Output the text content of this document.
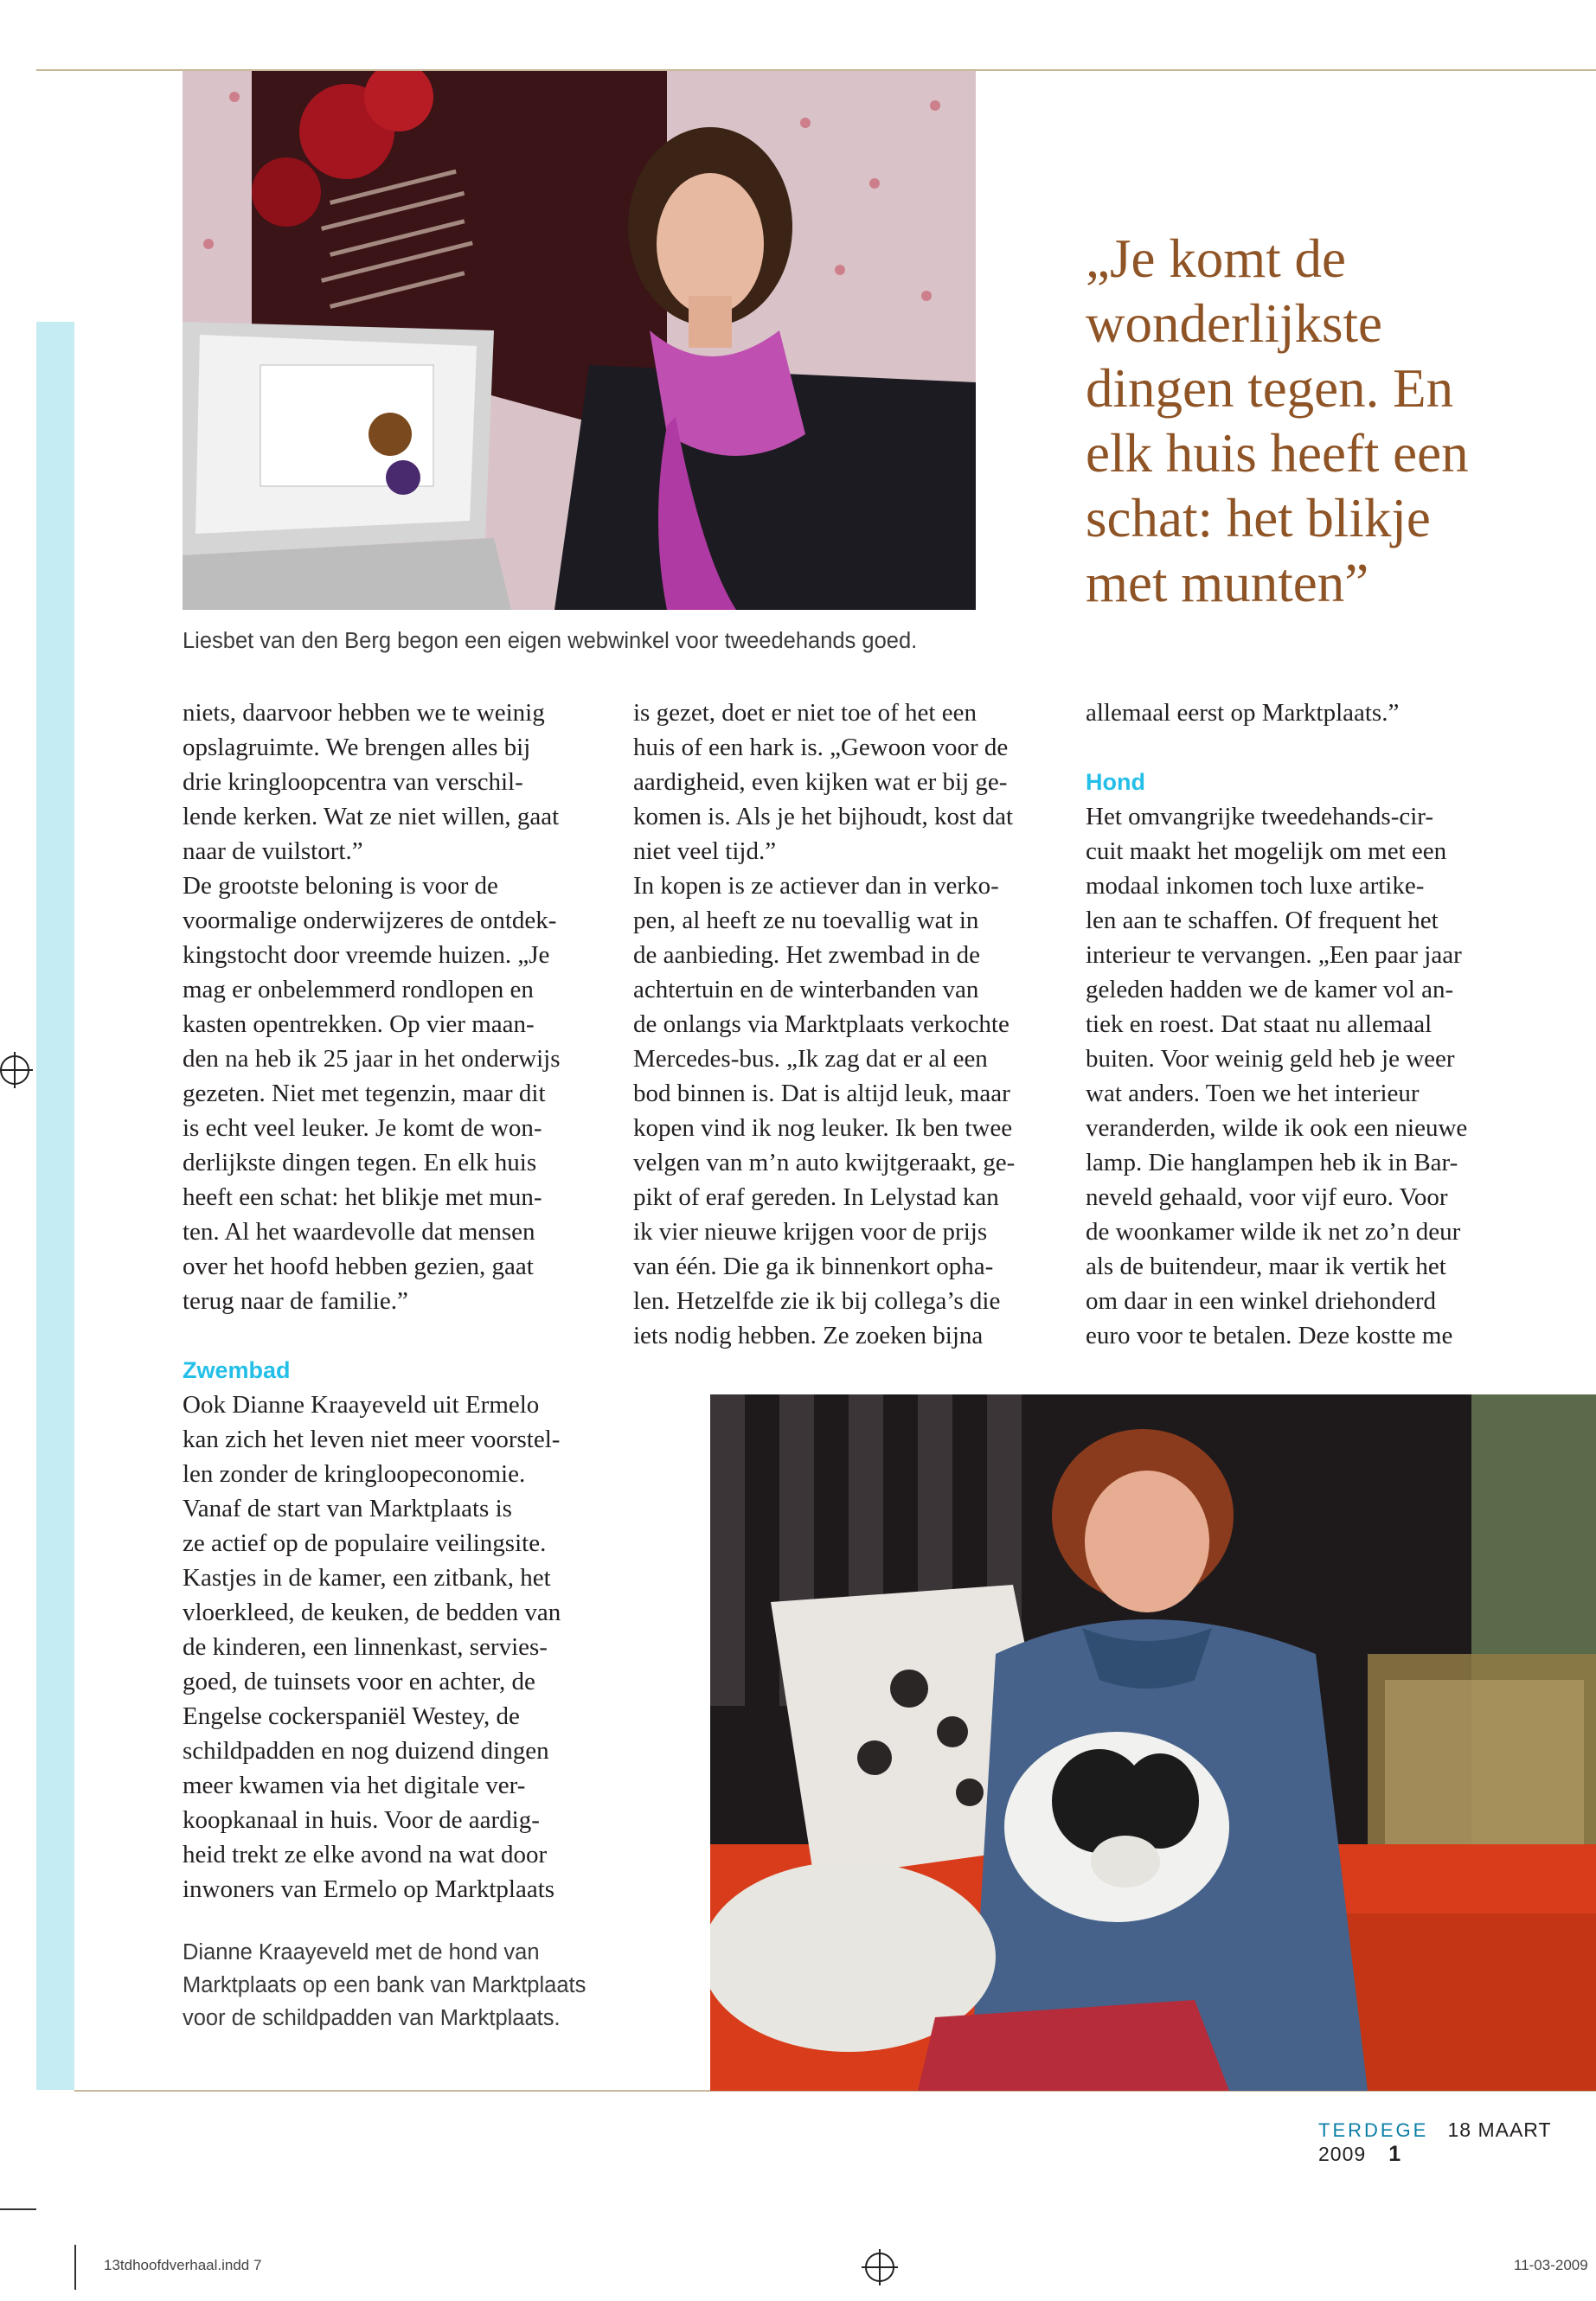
Liesbet van den Berg begon een eigen webwinkel voor tweedehands goed.
„Je komt de
wonderlijkste
dingen tegen. En
elk huis heeft een
schat: het blikje
met munten”

niets, daarvoor hebben we te weinig

opslagruimte. We brengen alles bij

drie kringloopcentra van verschil-

lende kerken. Wat ze niet willen, gaat

naar de vuilstort.”

De grootste beloning is voor de

voormalige onderwijzeres de ontdek-

kingstocht door vreemde huizen. „Je

mag er onbelemmerd rondlopen en

kasten opentrekken. Op vier maan-

den na heb ik 25 jaar in het onderwijs

gezeten. Niet met tegenzin, maar dit

is echt veel leuker. Je komt de won-

derlijkste dingen tegen. En elk huis

heeft een schat: het blikje met mun-

ten. Al het waardevolle dat mensen

over het hoofd hebben gezien, gaat

terug naar de familie.”

Zwembad

Ook Dianne Kraayeveld uit Ermelo

kan zich het leven niet meer voorstel-

len zonder de kringloopeconomie.

Vanaf de start van Marktplaats is

ze actief op de populaire veilingsite.

Kastjes in de kamer, een zitbank, het

vloerkleed, de keuken, de bedden van

de kinderen, een linnenkast, servies-

goed, de tuinsets voor en achter, de

Engelse cockerspaniël Westey, de

schildpadden en nog duizend dingen

meer kwamen via het digitale ver-

koopkanaal in huis. Voor de aardig-

heid trekt ze elke avond na wat door

inwoners van Ermelo op Marktplaats

is gezet, doet er niet toe of het een

huis of een hark is. „Gewoon voor de

aardigheid, even kijken wat er bij ge-

komen is. Als je het bijhoudt, kost dat

niet veel tijd.”

In kopen is ze actiever dan in verko-

pen, al heeft ze nu toevallig wat in

de aanbieding. Het zwembad in de

achtertuin en de winterbanden van

de onlangs via Marktplaats verkochte

Mercedes-bus. „Ik zag dat er al een

bod binnen is. Dat is altijd leuk, maar

kopen vind ik nog leuker. Ik ben twee

velgen van m’n auto kwijtgeraakt, ge-

pikt of eraf gereden. In Lelystad kan

ik vier nieuwe krijgen voor de prijs

van één. Die ga ik binnenkort opha-

len. Hetzelfde zie ik bij collega’s die

iets nodig hebben. Ze zoeken bijna

allemaal eerst op Marktplaats.”

Hond

Het omvangrijke tweedehands-cir-

cuit maakt het mogelijk om met een

modaal inkomen toch luxe artike-

len aan te schaffen. Of frequent het

interieur te vervangen. „Een paar jaar

geleden hadden we de kamer vol an-

tiek en roest. Dat staat nu allemaal

buiten. Voor weinig geld heb je weer

wat anders. Toen we het interieur

veranderden, wilde ik ook een nieuwe

lamp. Die hanglampen heb ik in Bar-

neveld gehaald, voor vijf euro. Voor

de woonkamer wilde ik net zo’n deur

als de buitendeur, maar ik vertik het

om daar in een winkel driehonderd

euro voor te betalen. Deze kostte me

Dianne Kraayeveld met de hond van
Marktplaats op een bank van Marktplaats
voor de schildpadden van Marktplaats.
TERDEGE 18 MAART 2009 1
13tdhoofdverhaal.indd 7	11-03-2009
